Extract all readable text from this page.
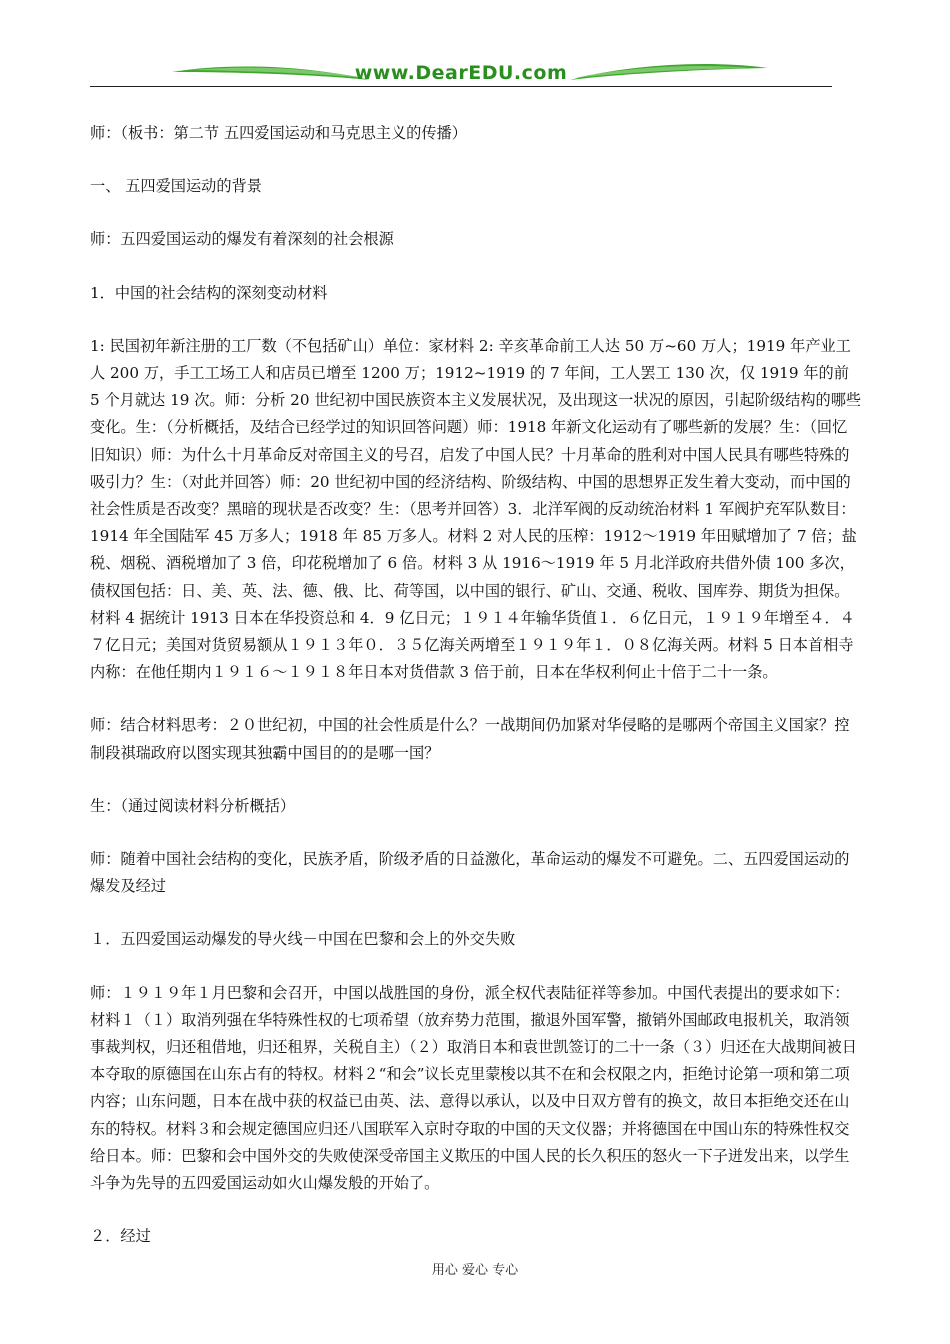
www.DearEDU.com

师：（板书：第二节 五四爱国运动和马克思主义的传播）

一、 五四爱国运动的背景

师：五四爱国运动的爆发有着深刻的社会根源

1．中国的社会结构的深刻变动材料

1: 民国初年新注册的工厂数（不包括矿山）单位：家材料 2: 辛亥革命前工人达 50 万~60 万人；1919 年产业工人 200 万，手工工场工人和店员已增至 1200 万；1912~1919 的 7 年间，工人罢工 130 次，仅 1919 年的前 5 个月就达 19 次。师：分析 20 世纪初中国民族资本主义发展状况，及出现这一状况的原因，引起阶级结构的哪些变化。生：（分析概括，及结合已经学过的知识回答问题）师：1918 年新文化运动有了哪些新的发展？生：（回忆旧知识）师：为什么十月革命反对帝国主义的号召，启发了中国人民？十月革命的胜利对中国人民具有哪些特殊的吸引力？生：（对此并回答）师：20 世纪初中国的经济结构、阶级结构、中国的思想界正发生着大变动，而中国的社会性质是否改变？黑暗的现状是否改变？生：（思考并回答）3．北洋军阀的反动统治材料 1 军阀护充军队数目：1914 年全国陆军 45 万多人；1918 年 85 万多人。材料 2 对人民的压榨：1912～1919 年田赋增加了 7 倍；盐税、烟税、酒税增加了 3 倍，印花税增加了 6 倍。材料 3 从 1916～1919 年 5 月北洋政府共借外债 100 多次，债权国包括：日、美、英、法、德、俄、比、荷等国，以中国的银行、矿山、交通、税收、国库券、期货为担保。材料 4 据统计 1913 日本在华投资总和 4．9 亿日元；１９１４年输华货值１．６亿日元，１９１９年增至４．４７亿日元；美国对货贸易额从１９１３年０．３５亿海关两增至１９１９年１．０８亿海关两。材料 5 日本首相寺内称：在他任期内１９１６～１９１８年日本对货借款 3 倍于前，日本在华权利何止十倍于二十一条。

师：结合材料思考：２０世纪初，中国的社会性质是什么？一战期间仍加紧对华侵略的是哪两个帝国主义国家？控制段祺瑞政府以图实现其独霸中国目的的是哪一国？

生：（通过阅读材料分析概括）

师：随着中国社会结构的变化，民族矛盾，阶级矛盾的日益激化，革命运动的爆发不可避免。二、五四爱国运动的爆发及经过

１．五四爱国运动爆发的导火线－中国在巴黎和会上的外交失败

师：１９１９年１月巴黎和会召开，中国以战胜国的身份，派全权代表陆征祥等参加。中国代表提出的要求如下：材料１（１）取消列强在华特殊性权的七项希望（放弃势力范围，撤退外国军警，撤销外国邮政电报机关，取消领事裁判权，归还租借地，归还租界，关税自主）（２）取消日本和袁世凯签订的二十一条（３）归还在大战期间被日本夺取的原德国在山东占有的特权。材料２“和会”议长克里蒙梭以其不在和会权限之内，拒绝讨论第一项和第二项内容；山东问题，日本在战中获的权益已由英、法、意得以承认，以及中日双方曾有的换文，故日本拒绝交还在山东的特权。材料３和会规定德国应归还八国联军入京时夺取的中国的天文仪器；并将德国在中国山东的特殊性权交给日本。师：巴黎和会中国外交的失败使深受帝国主义欺压的中国人民的长久积压的怒火一下子迸发出来，以学生斗争为先导的五四爱国运动如火山爆发般的开始了。

２．经过

用心 爱心 专心
